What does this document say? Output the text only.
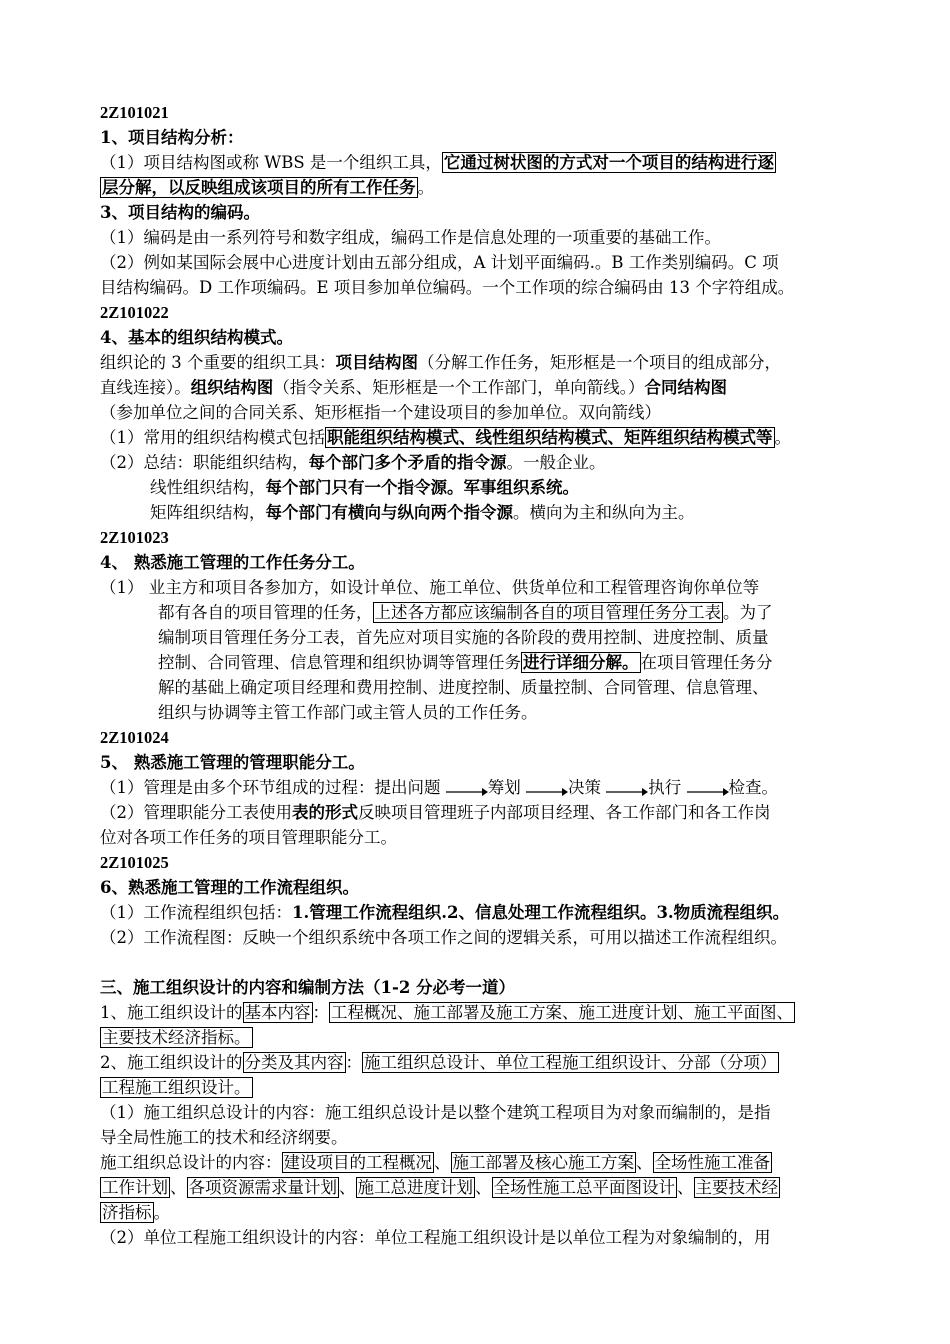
2Z101021
1、项目结构分析：
（1）项目结构图或称 WBS 是一个组织工具， 它通过树状图的方式对一个项目的结构进行逐
层分解，以反映组成该项目的所有工作任务 。
3、项目结构的编码。
（1）编码是由一系列符号和数字组成，编码工作是信息处理的一项重要的基础工作。
（2）例如某国际会展中心进度计划由五部分组成，A 计划平面编码.。B 工作类别编码。C 项
目结构编码。D 工作项编码。E 项目参加单位编码。一个工作项的综合编码由 13 个字符组成。
2Z101022
4、基本的组织结构模式。
组织论的 3 个重要的组织工具：项目结构图（分解工作任务，矩形框是一个项目的组成部分，
直线连接）。组织结构图（指令关系、矩形框是一个工作部门，单向箭线。）合同结构图
（参加单位之间的合同关系、矩形框指一个建设项目的参加单位。双向箭线）
（1）常用的组织结构模式包括 职能组织结构模式、线性组织结构模式、矩阵组织结构模式等 。
（2）总结：职能组织结构，每个部门多个矛盾的指令源。一般企业。
线性组织结构，每个部门只有一个指令源。军事组织系统。
矩阵组织结构，每个部门有横向与纵向两个指令源。横向为主和纵向为主。
2Z101023
4、 熟悉施工管理的工作任务分工。
（1） 业主方和项目各参加方，如设计单位、施工单位、供货单位和工程管理咨询你单位等
都有各自的项目管理的任务， 上述各方都应该编制各自的项目管理任务分工表 。为了
编制项目管理任务分工表，首先应对项目实施的各阶段的费用控制、进度控制、质量
控制、合同管理、信息管理和组织协调等管理任务 进行详细分解。 在项目管理任务分
解的基础上确定项目经理和费用控制、进度控制、质量控制、合同管理、信息管理、
组织与协调等主管工作部门或主管人员的工作任务。
2Z101024
5、 熟悉施工管理的管理职能分工。
（1）管理是由多个环节组成的过程：提出问题	筹划	决策	执行	检查。
（2）管理职能分工表使用表的形式反映项目管理班子内部项目经理、各工作部门和各工作岗
位对各项工作任务的项目管理职能分工。
2Z101025
6、熟悉施工管理的工作流程组织。
（1）工作流程组织包括：1.管理工作流程组织.2、信息处理工作流程组织。3.物质流程组织。
（2）工作流程图：反映一个组织系统中各项工作之间的逻辑关系，可用以描述工作流程组织。
三、施工组织设计的内容和编制方法（1-2 分必考一道）
1、施工组织设计的 基本内容 ： 工程概况、施工部署及施工方案、施工进度计划、施工平面图、
主要技术经济指标。
2、施工组织设计的 分类及其内容 ： 施工组织总设计、单位工程施工组织设计、分部（分项）
工程施工组织设计。
（1）施工组织总设计的内容：施工组织总设计是以整个建筑工程项目为对象而编制的，是指
导全局性施工的技术和经济纲要。
施工组织总设计的内容： 建设项目的工程概况 、 施工部署及核心施工方案 、 全场性施工准备
工作计划 、 各项资源需求量计划 、 施工总进度计划 、 全场性施工总平面图设计 、 主要技术经
济指标 。
（2）单位工程施工组织设计的内容：单位工程施工组织设计是以单位工程为对象编制的，用
